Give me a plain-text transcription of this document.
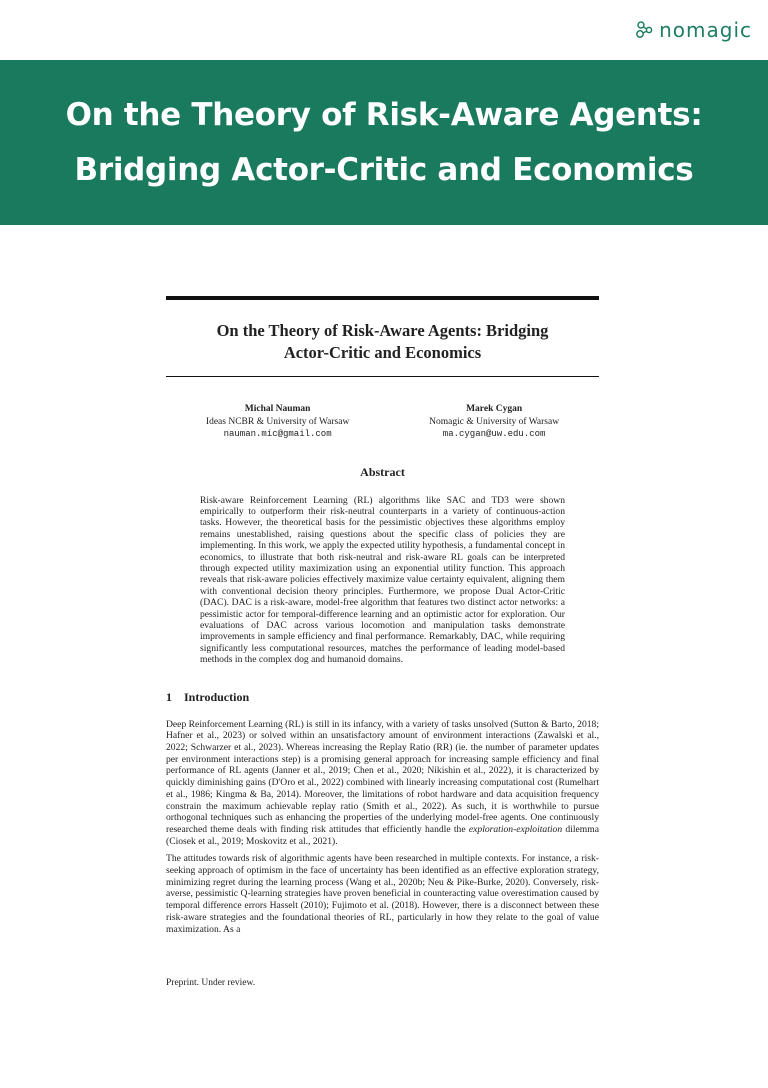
nomagic
On the Theory of Risk-Aware Agents:
Bridging Actor-Critic and Economics
On the Theory of Risk-Aware Agents: Bridging
Actor-Critic and Economics
Michal Nauman
Ideas NCBR & University of Warsaw
nauman.mic@gmail.com
Marek Cygan
Nomagic & University of Warsaw
ma.cygan@uw.edu.com
Abstract

Risk-aware Reinforcement Learning (RL) algorithms like SAC and TD3 were shown empirically to outperform their risk-neutral counterparts in a variety of continuous-action tasks. However, the theoretical basis for the pessimistic objectives these algorithms employ remains unestablished, raising questions about the specific class of policies they are implementing. In this work, we apply the expected utility hypothesis, a fundamental concept in economics, to illustrate that both risk-neutral and risk-aware RL goals can be interpreted through expected utility maximization using an exponential utility function. This approach reveals that risk-aware policies effectively maximize value certainty equivalent, aligning them with conventional decision theory principles. Furthermore, we propose Dual Actor-Critic (DAC). DAC is a risk-aware, model-free algorithm that features two distinct actor networks: a pessimistic actor for temporal-difference learning and an optimistic actor for exploration. Our evaluations of DAC across various locomotion and manipulation tasks demonstrate improvements in sample efficiency and final performance. Remarkably, DAC, while requiring significantly less computational resources, matches the performance of leading model-based methods in the complex dog and humanoid domains.

1 Introduction

Deep Reinforcement Learning (RL) is still in its infancy, with a variety of tasks unsolved (Sutton & Barto, 2018; Hafner et al., 2023) or solved within an unsatisfactory amount of environment interactions (Zawalski et al., 2022; Schwarzer et al., 2023). Whereas increasing the Replay Ratio (RR) (ie. the number of parameter updates per environment interactions step) is a promising general approach for increasing sample efficiency and final performance of RL agents (Janner et al., 2019; Chen et al., 2020; Nikishin et al., 2022), it is characterized by quickly diminishing gains (D'Oro et al., 2022) combined with linearly increasing computational cost (Rumelhart et al., 1986; Kingma & Ba, 2014). Moreover, the limitations of robot hardware and data acquisition frequency constrain the maximum achievable replay ratio (Smith et al., 2022). As such, it is worthwhile to pursue orthogonal techniques such as enhancing the properties of the underlying model-free agents. One continuously researched theme deals with finding risk attitudes that efficiently handle the exploration-exploitation dilemma (Ciosek et al., 2019; Moskovitz et al., 2021).

The attitudes towards risk of algorithmic agents have been researched in multiple contexts. For instance, a risk-seeking approach of optimism in the face of uncertainty has been identified as an effective exploration strategy, minimizing regret during the learning process (Wang et al., 2020b; Neu & Pike-Burke, 2020). Conversely, risk-averse, pessimistic Q-learning strategies have proven beneficial in counteracting value overestimation caused by temporal difference errors Hasselt (2010); Fujimoto et al. (2018). However, there is a disconnect between these risk-aware strategies and the foundational theories of RL, particularly in how they relate to the goal of value maximization. As a

Preprint. Under review.
